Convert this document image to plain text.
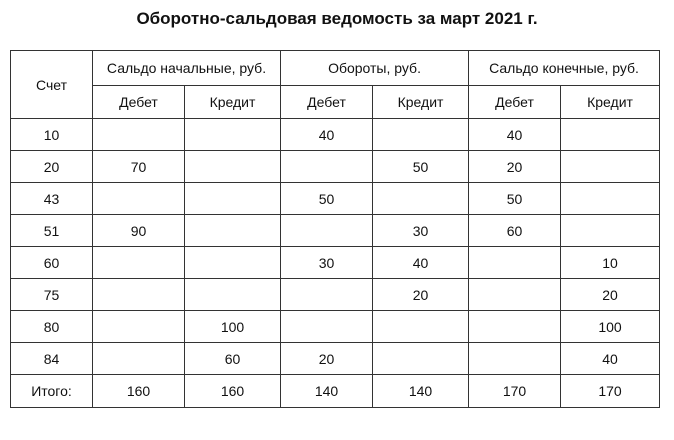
Оборотно-сальдовая ведомость за март 2021 г.
Счет	Сальдо начальные, руб.		Обороты, руб.		Сальдо конечные, руб.	
	Дебет	Кредит	Дебет	Кредит	Дебет	Кредит
10			40		40	
20	70			50	20	
43			50		50	
51	90			30	60	
60			30	40		10
75				20		20
80		100				100
84		60	20			40
Итого:	160	160	140	140	170	170
